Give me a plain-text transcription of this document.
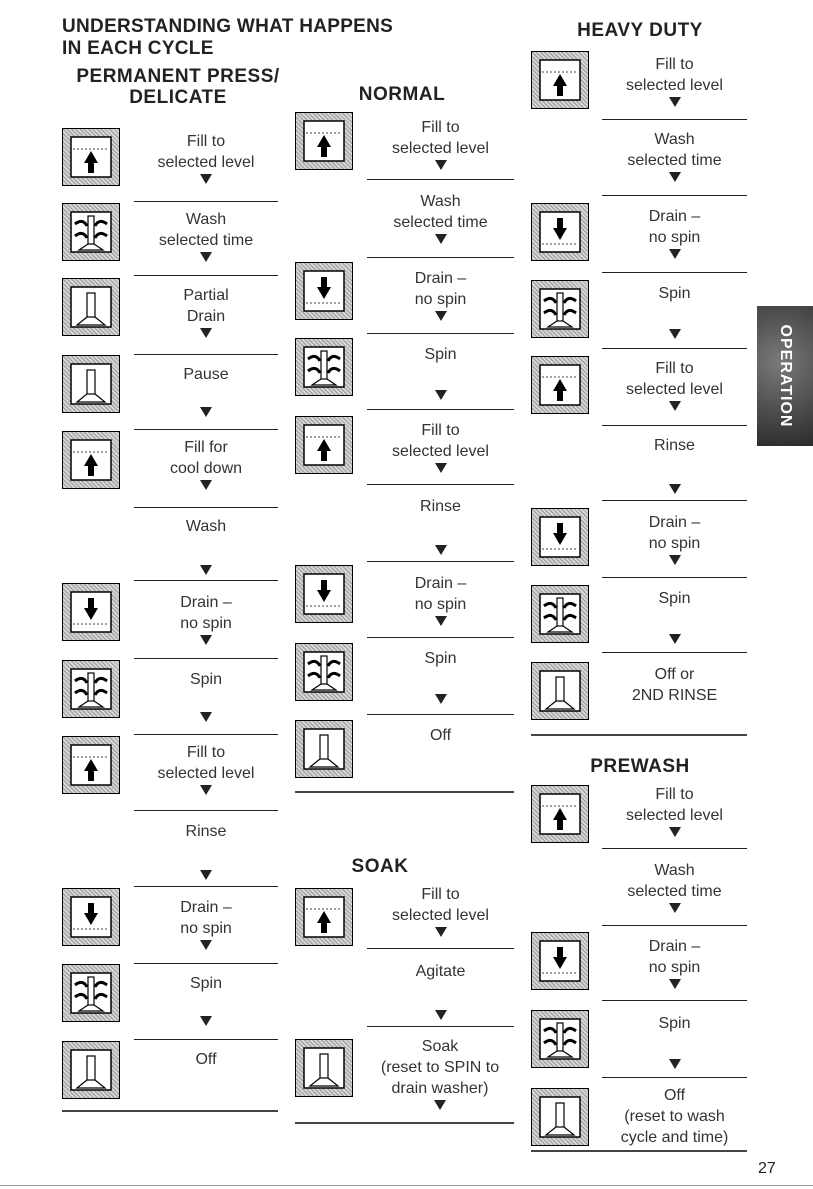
UNDERSTANDING WHAT HAPPENS
IN EACH CYCLE
OPERATION
PERMANENT PRESS/
DELICATE
Fill to
selected level
Wash
selected time
Partial
Drain
Pause
Fill for
cool down
Wash
Drain –
no spin
Spin
Fill to
selected level
Rinse
Drain –
no spin
Spin
Off
NORMAL
Fill to
selected level
Wash
selected time
Drain –
no spin
Spin
Fill to
selected level
Rinse
Drain –
no spin
Spin
Off
SOAK
Fill to
selected level
Agitate
Soak
(reset to SPIN to
drain washer)
HEAVY DUTY
Fill to
selected level
Wash
selected time
Drain –
no spin
Spin
Fill to
selected level
Rinse
Drain –
no spin
Spin
Off or
2ND RINSE
PREWASH
Fill to
selected level
Wash
selected time
Drain –
no spin
Spin
Off
(reset to wash
cycle and time)
27
